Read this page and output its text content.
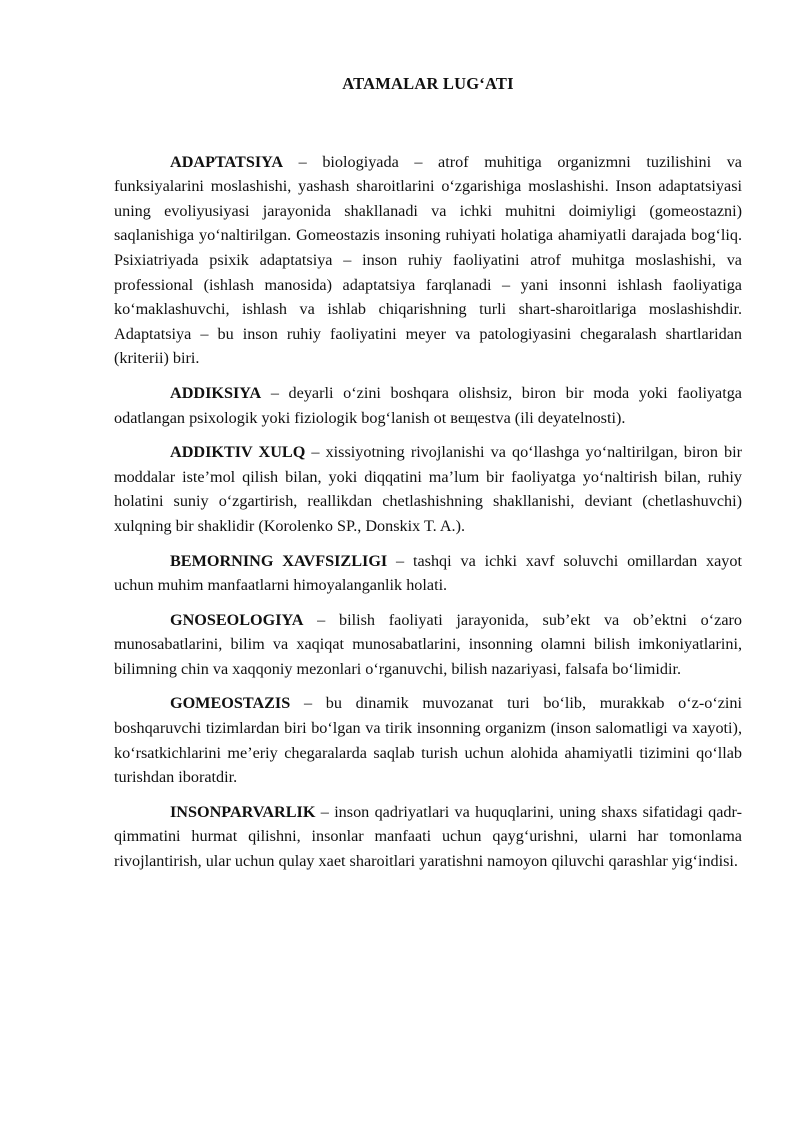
ATAMALAR LUG‘ATI

ADAPTATSIYA – biologiyada – atrof muhitiga organizmni tuzilishini va funksiyalarini moslashishi, yashash sharoitlarini o‘zgarishiga moslashishi. Inson adaptatsiyasi uning evoliyusiyasi jarayonida shakllanadi va ichki muhitni doimiyligi (gomeostazni) saqlanishiga yo‘naltirilgan. Gomeostazis insoning ruhiyati holatiga ahamiyatli darajada bog‘liq. Psixiatriyada psixik adaptatsiya – inson ruhiy faoliyatini atrof muhitga moslashishi, va professional (ishlash manosida) adaptatsiya farqlanadi – yani insonni ishlash faoliyatiga ko‘maklashuvchi, ishlash va ishlab chiqarishning turli shart-sharoitlariga moslashishdir. Adaptatsiya – bu inson ruhiy faoliyatini meyer va patologiyasini chegaralash shartlaridan (kriterii) biri.

ADDIKSIYA – deyarli o‘zini boshqara olishsiz, biron bir moda yoki faoliyatga odatlangan psixologik yoki fiziologik bog‘lanish ot вещestva (ili deyatelnosti).

ADDIKTIV XULQ – xissiyotning rivojlanishi va qo‘llashga yo‘naltirilgan, biron bir moddalar iste’mol qilish bilan, yoki diqqatini ma’lum bir faoliyatga yo‘naltirish bilan, ruhiy holatini suniy o‘zgartirish, reallikdan chetlashishning shakllanishi, deviant (chetlashuvchi) xulqning bir shaklidir (Korolenko SP., Donskix T. A.).

BEMORNING XAVFSIZLIGI – tashqi va ichki xavf soluvchi omillardan xayot uchun muhim manfaatlarni himoyalanganlik holati.

GNOSEOLOGIYA – bilish faoliyati jarayonida, sub’ekt va ob’ektni o‘zaro munosabatlarini, bilim va xaqiqat munosabatlarini, insonning olamni bilish imkoniyatlarini, bilimning chin va xaqqoniy mezonlari o‘rganuvchi, bilish nazariyasi, falsafa bo‘limidir.

GOMEOSTAZIS – bu dinamik muvozanat turi bo‘lib, murakkab o‘z-o‘zini boshqaruvchi tizimlardan biri bo‘lgan va tirik insonning organizm (inson salomatligi va xayoti), ko‘rsatkichlarini me’eriy chegaralarda saqlab turish uchun alohida ahamiyatli tizimini qo‘llab turishdan iboratdir.

INSONPARVARLIK – inson qadriyatlari va huquqlarini, uning shaxs sifatidagi qadr-qimmatini hurmat qilishni, insonlar manfaati uchun qayg‘urishni, ularni har tomonlama rivojlantirish, ular uchun qulay xaet sharoitlari yaratishni namoyon qiluvchi qarashlar yig‘indisi.
